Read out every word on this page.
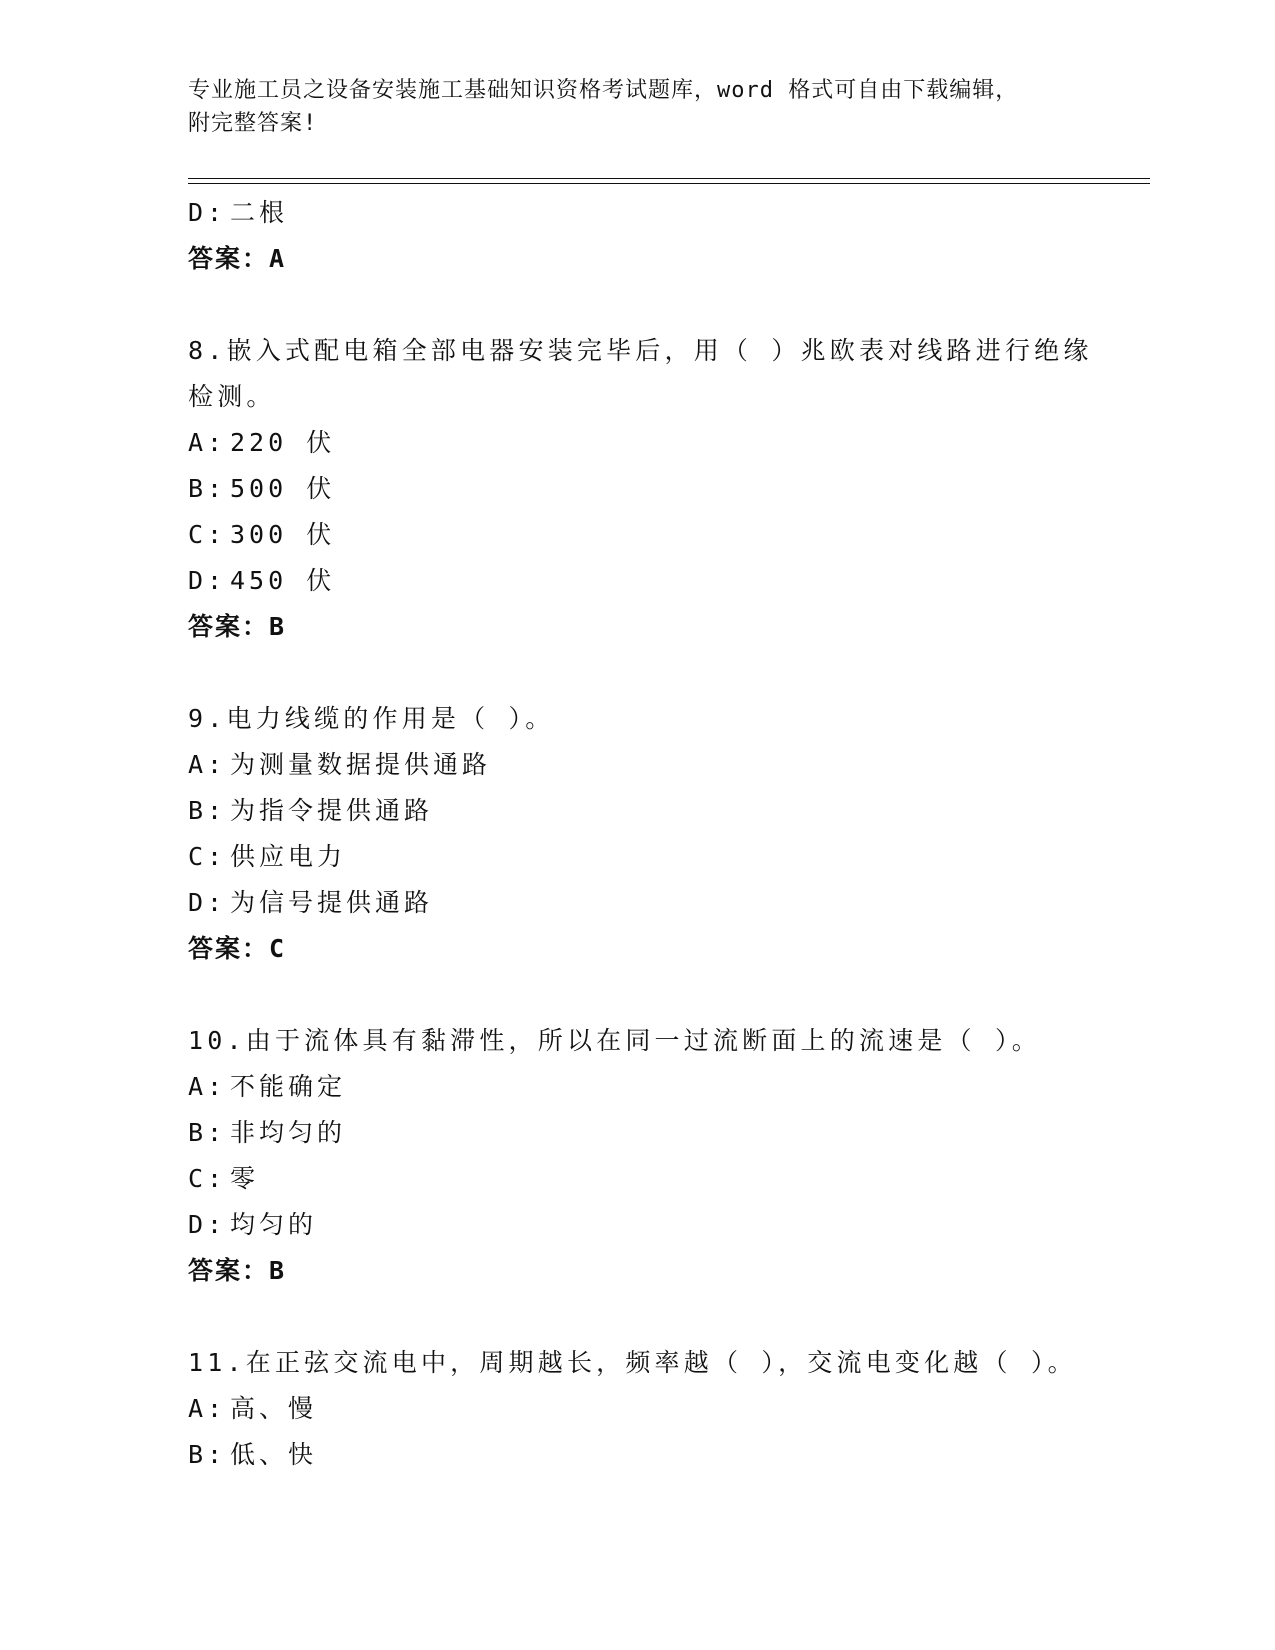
专业施工员之设备安装施工基础知识资格考试题库，word 格式可自由下载编辑，
附完整答案!
D: 二根
答案：A
8.嵌入式配电箱全部电器安装完毕后，用（ ）兆欧表对线路进行绝缘
检测。
A: 220 伏
B: 500 伏
C: 300 伏
D: 450 伏
答案：B
9.电力线缆的作用是（ ）。
A: 为测量数据提供通路
B: 为指令提供通路
C: 供应电力
D: 为信号提供通路
答案：C
10.由于流体具有黏滞性，所以在同一过流断面上的流速是（ ）。
A: 不能确定
B: 非均匀的
C: 零
D: 均匀的
答案：B
11.在正弦交流电中，周期越长，频率越（ ），交流电变化越（ ）。
A: 高、慢
B: 低、快
